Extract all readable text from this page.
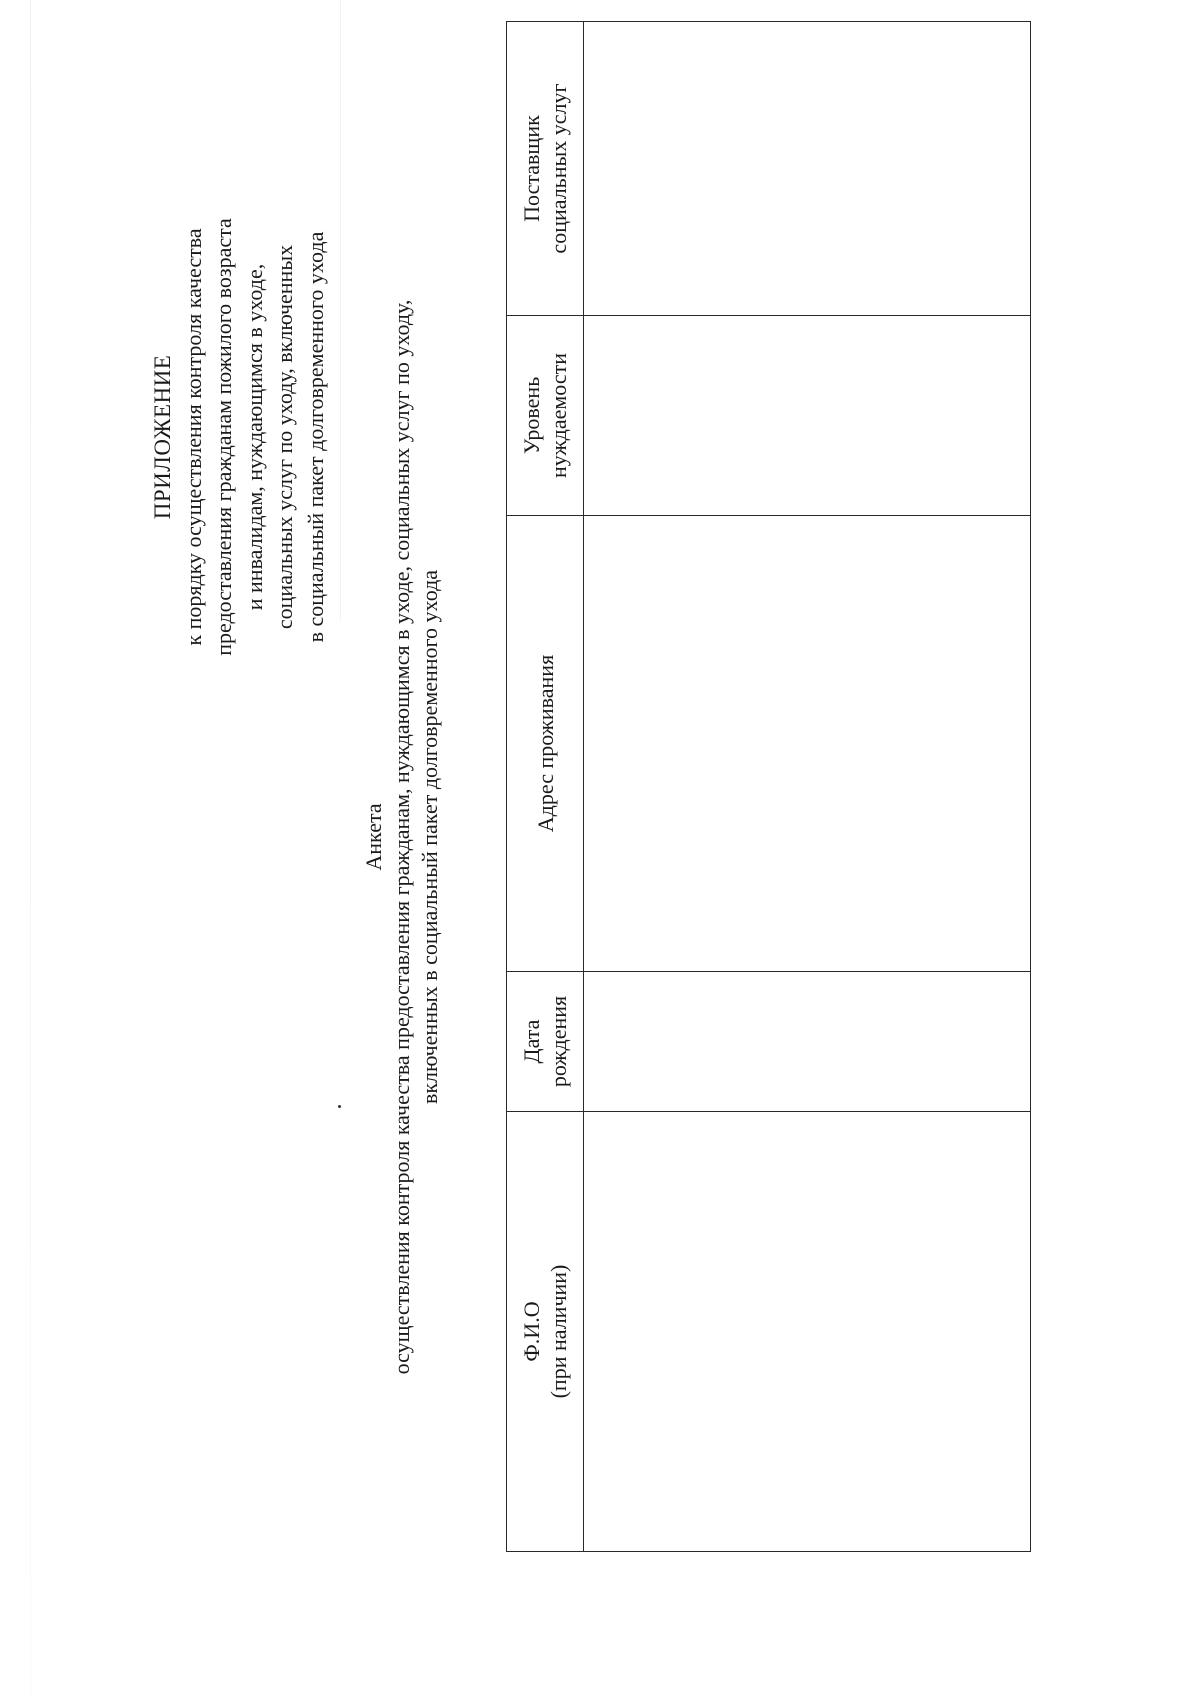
ПРИЛОЖЕНИЕ к порядку осуществления контроля качества предоставления гражданам пожилого возраста и инвалидам, нуждающимся в уходе, социальных услуг по уходу, включенных в социальный пакет долговременного ухода
Анкета осуществления контроля качества предоставления гражданам, нуждающимся в уходе, социальных услуг по уходу, включенных в социальный пакет долговременного ухода
Ф.И.О (при наличии)	Дата рождения	Адрес проживания	Уровень нуждаемости	Поставщик социальных услуг
